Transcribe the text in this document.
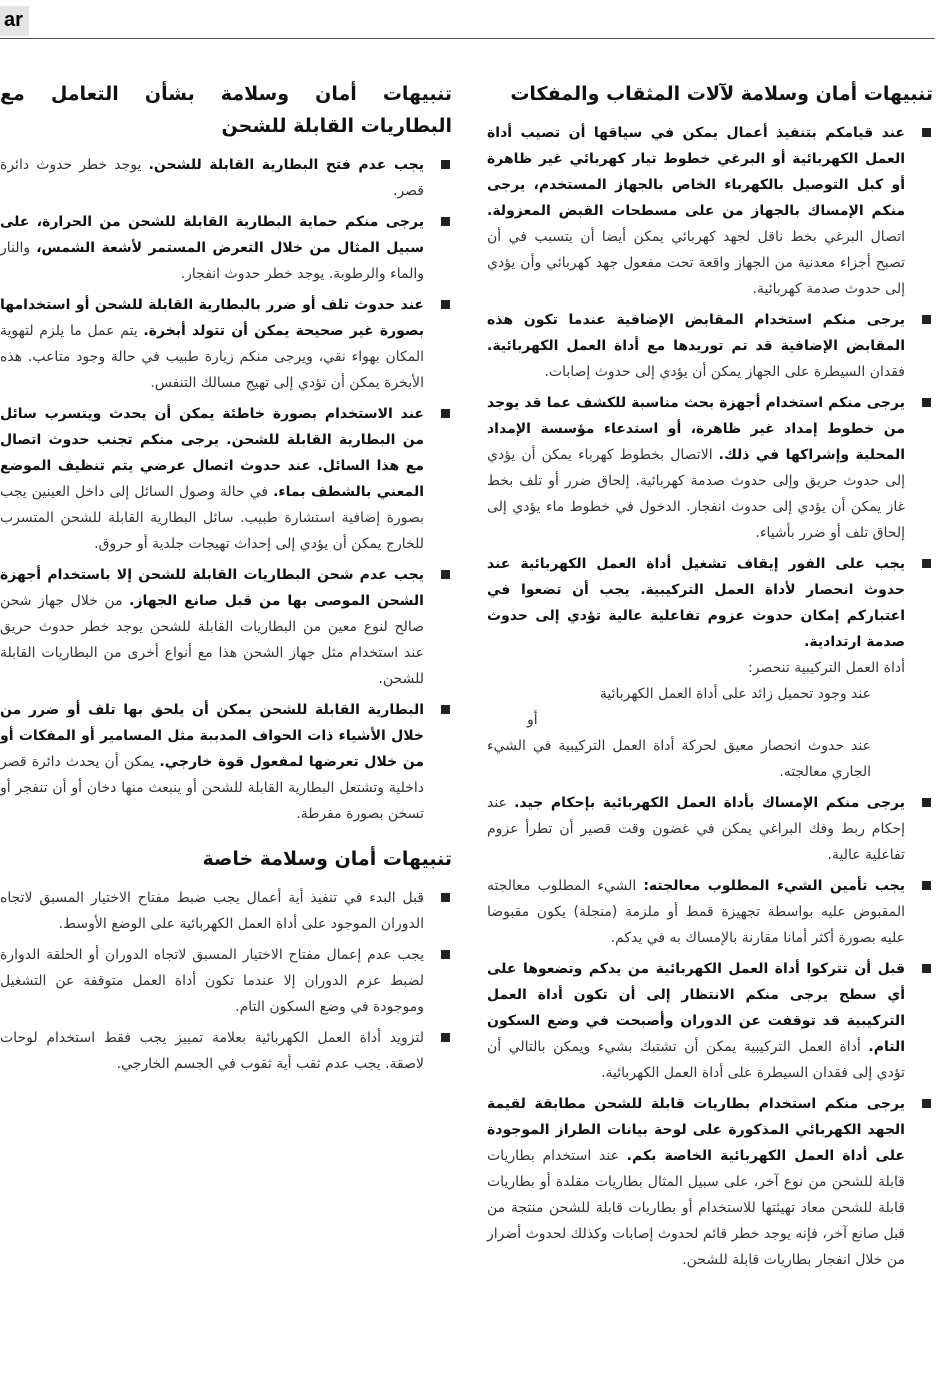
ar
تنبيهات أمان وسلامة لآلات المثقاب والمفكات
عند قيامكم بتنفيذ أعمال يمكن في سياقها أن تصيب أداة العمل الكهربائية أو البرغي خطوط تيار كهربائي غير ظاهرة أو كبل التوصيل بالكهرباء الخاص بالجهاز المستخدم، يرجى منكم الإمساك بالجهاز من على مسطحات القبض المعزولة. اتصال البرغي بخط ناقل لجهد كهربائي يمكن أيضا أن يتسبب في أن تصبح أجزاء معدنية من الجهاز واقعة تحت مفعول جهد كهربائي وأن يؤدي إلى حدوث صدمة كهربائية.
يرجى منكم استخدام المقابض الإضافية عندما تكون هذه المقابض الإضافية قد تم توريدها مع أداة العمل الكهربائية. فقدان السيطرة على الجهاز يمكن أن يؤدي إلى حدوث إصابات.
يرجى منكم استخدام أجهزة بحث مناسبة للكشف عما قد يوجد من خطوط إمداد غير ظاهرة، أو استدعاء مؤسسة الإمداد المحلية وإشراكها في ذلك. الاتصال بخطوط كهرباء يمكن أن يؤدي إلى حدوث حريق وإلى حدوث صدمة كهربائية. إلحاق ضرر أو تلف بخط غاز يمكن أن يؤدي إلى حدوث انفجار. الدخول في خطوط ماء يؤدي إلى إلحاق تلف أو ضرر بأشياء.
يجب على الفور إيقاف تشغيل أداة العمل الكهربائية عند حدوث انحصار لأداة العمل التركيبية. يجب أن تضعوا في اعتباركم إمكان حدوث عزوم تفاعلية عالية تؤدي إلى حدوث صدمة ارتدادية.
أداة العمل التركيبية تنحصر:
عند وجود تحميل زائد على أداة العمل الكهربائية
أو
عند حدوث انحصار معيق لحركة أداة العمل التركيبية في الشيء الجاري معالجته.
يرجى منكم الإمساك بأداة العمل الكهربائية بإحكام جيد. عند إحكام ربط وفك البراغي يمكن في غضون وقت قصير أن تطرأ عزوم تفاعلية عالية.
يجب تأمين الشيء المطلوب معالجته: الشيء المطلوب معالجته المقبوض عليه بواسطة تجهيزة قمط أو ملزمة (منجلة) يكون مقبوضا عليه بصورة أكثر أمانا مقارنة بالإمساك به في يدكم.
قبل أن تتركوا أداة العمل الكهربائية من يدكم وتضعوها على أي سطح يرجى منكم الانتظار إلى أن تكون أداة العمل التركيبية قد توقفت عن الدوران وأصبحت في وضع السكون التام. أداة العمل التركيبية يمكن أن تشتبك بشيء ويمكن بالتالي أن تؤدي إلى فقدان السيطرة على أداة العمل الكهربائية.
يرجى منكم استخدام بطاريات قابلة للشحن مطابقة لقيمة الجهد الكهربائي المذكورة على لوحة بيانات الطراز الموجودة على أداة العمل الكهربائية الخاصة بكم. عند استخدام بطاريات قابلة للشحن من نوع آخر، على سبيل المثال بطاريات مقلدة أو بطاريات قابلة للشحن معاد تهيئتها للاستخدام أو بطاريات قابلة للشحن منتجة من قبل صانع آخر، فإنه يوجد خطر قائم لحدوث إصابات وكذلك لحدوث أضرار من خلال انفجار بطاريات قابلة للشحن.
تنبيهات أمان وسلامة بشأن التعامل مع البطاريات القابلة للشحن
يجب عدم فتح البطارية القابلة للشحن. يوجد خطر حدوث دائرة قصر.
يرجى منكم حماية البطارية القابلة للشحن من الحرارة، على سبيل المثال من خلال التعرض المستمر لأشعة الشمس، والنار والماء والرطوبة. يوجد خطر حدوث انفجار.
عند حدوث تلف أو ضرر بالبطارية القابلة للشحن أو استخدامها بصورة غير صحيحة يمكن أن تتولد أبخرة. يتم عمل ما يلزم لتهوية المكان بهواء نقي، ويرجى منكم زيارة طبيب في حالة وجود متاعب. هذه الأبخرة يمكن أن تؤدي إلى تهيج مسالك التنفس.
عند الاستخدام بصورة خاطئة يمكن أن يحدث ويتسرب سائل من البطارية القابلة للشحن. يرجى منكم تجنب حدوث اتصال مع هذا السائل. عند حدوث اتصال عرضي يتم تنظيف الموضع المعني بالشطف بماء. في حالة وصول السائل إلى داخل العينين يجب بصورة إضافية استشارة طبيب. سائل البطارية القابلة للشحن المتسرب للخارج يمكن أن يؤدي إلى إحداث تهيجات جلدية أو حروق.
يجب عدم شحن البطاريات القابلة للشحن إلا باستخدام أجهزة الشحن الموصى بها من قبل صانع الجهاز. من خلال جهاز شحن صالح لنوع معين من البطاريات القابلة للشحن يوجد خطر حدوث حريق عند استخدام مثل جهاز الشحن هذا مع أنواع أخرى من البطاريات القابلة للشحن.
البطارية القابلة للشحن يمكن أن يلحق بها تلف أو ضرر من خلال الأشياء ذات الحواف المدببة مثل المسامير أو المفكات أو من خلال تعرضها لمفعول قوة خارجي. يمكن أن يحدث دائرة قصر داخلية وتشتعل البطارية القابلة للشحن أو ينبعث منها دخان أو أن تنفجر أو تسخن بصورة مفرطة.
تنبيهات أمان وسلامة خاصة
قبل البدء في تنفيذ أية أعمال يجب ضبط مفتاح الاختيار المسبق لاتجاه الدوران الموجود على أداة العمل الكهربائية على الوضع الأوسط.
يجب عدم إعمال مفتاح الاختيار المسبق لاتجاه الدوران أو الحلقة الدوارة لضبط عزم الدوران إلا عندما تكون أداة العمل متوقفة عن التشغيل وموجودة في وضع السكون التام.
لتزويد أداة العمل الكهربائية بعلامة تمييز يجب فقط استخدام لوحات لاصقة. يجب عدم ثقب أية ثقوب في الجسم الخارجي.
